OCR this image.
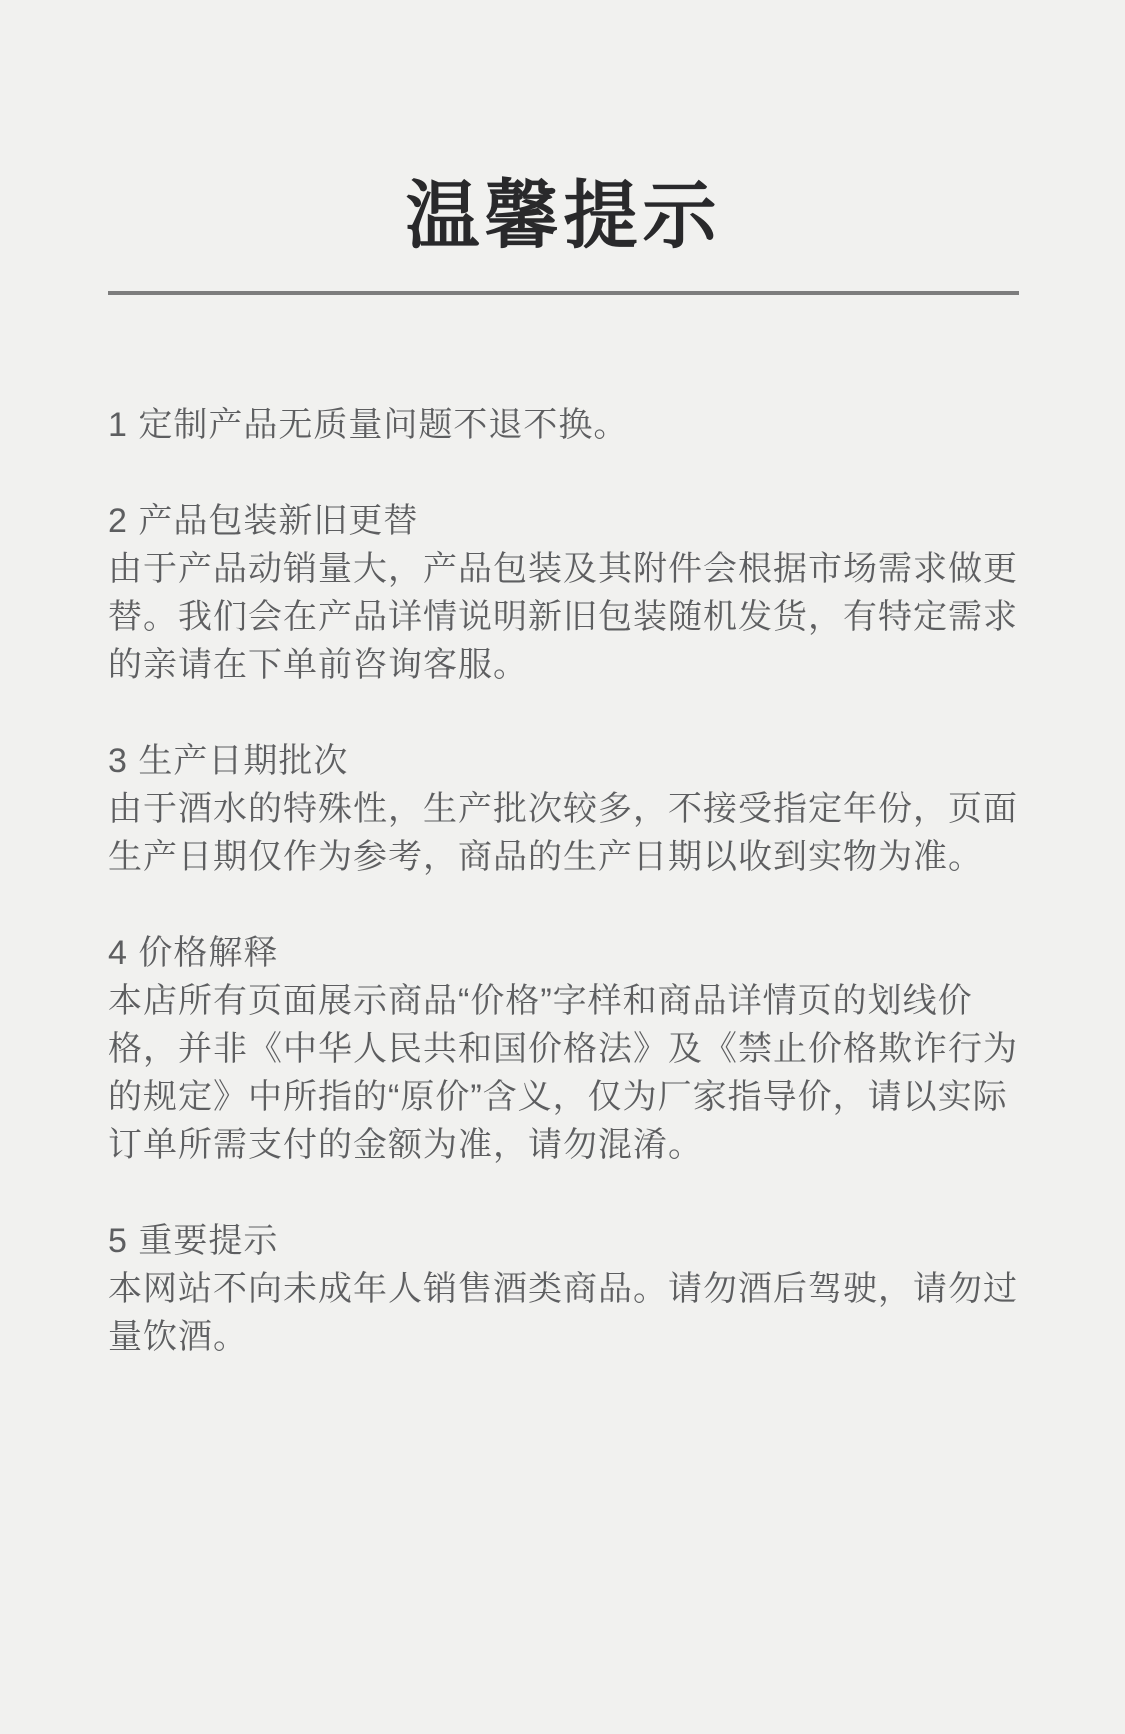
温馨提示

1 定制产品无质量问题不退不换。

2 产品包装新旧更替

由于产品动销量大，产品包装及其附件会根据市场需求做更替。我们会在产品详情说明新旧包装随机发货，有特定需求的亲请在下单前咨询客服。

3 生产日期批次

由于酒水的特殊性，生产批次较多，不接受指定年份，页面生产日期仅作为参考，商品的生产日期以收到实物为准。

4 价格解释

本店所有页面展示商品“价格”字样和商品详情页的划线价格，并非《中华人民共和国价格法》及《禁止价格欺诈行为的规定》中所指的“原价”含义，仅为厂家指导价，请以实际订单所需支付的金额为准，请勿混淆。

5 重要提示

本网站不向未成年人销售酒类商品。请勿酒后驾驶，请勿过量饮酒。
